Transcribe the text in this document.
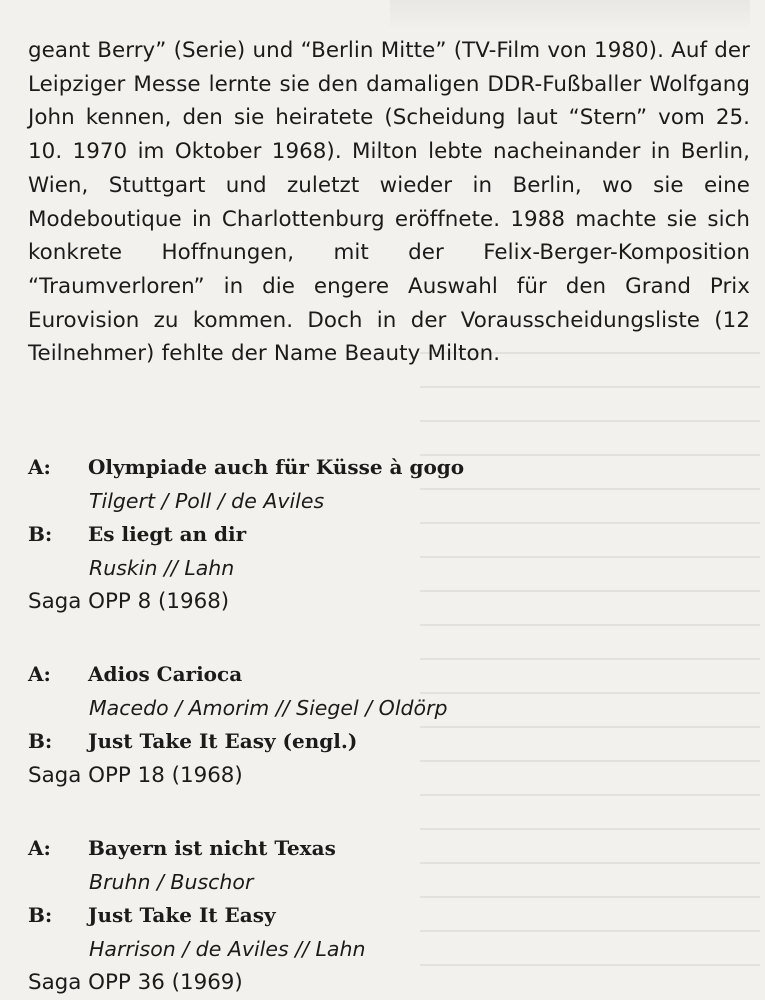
geant Berry” (Serie) und “Berlin Mitte” (TV-Film von 1980). Auf der Leipziger Messe lernte sie den damaligen DDR-Fußballer Wolfgang John kennen, den sie heiratete (Scheidung laut “Stern” vom 25. 10. 1970 im Oktober 1968). Milton lebte nacheinander in Berlin, Wien, Stuttgart und zuletzt wieder in Berlin, wo sie eine Modeboutique in Charlottenburg eröffnete. 1988 machte sie sich konkrete Hoffnungen, mit der Felix-Berger-Komposition “Traumverloren” in die engere Auswahl für den Grand Prix Eurovision zu kommen. Doch in der Vorausscheidungsliste (12 Teilnehmer) fehlte der Name Beauty Milton.

A: Olympiade auch für Küsse à gogo
Tilgert / Poll / de Aviles
B: Es liegt an dir
Ruskin // Lahn
Saga OPP 8 (1968)
A: Adios Carioca
Macedo / Amorim // Siegel / Oldörp
B: Just Take It Easy (engl.)
Saga OPP 18 (1968)
A: Bayern ist nicht Texas
Bruhn / Buschor
B: Just Take It Easy
Harrison / de Aviles // Lahn
Saga OPP 36 (1969)
